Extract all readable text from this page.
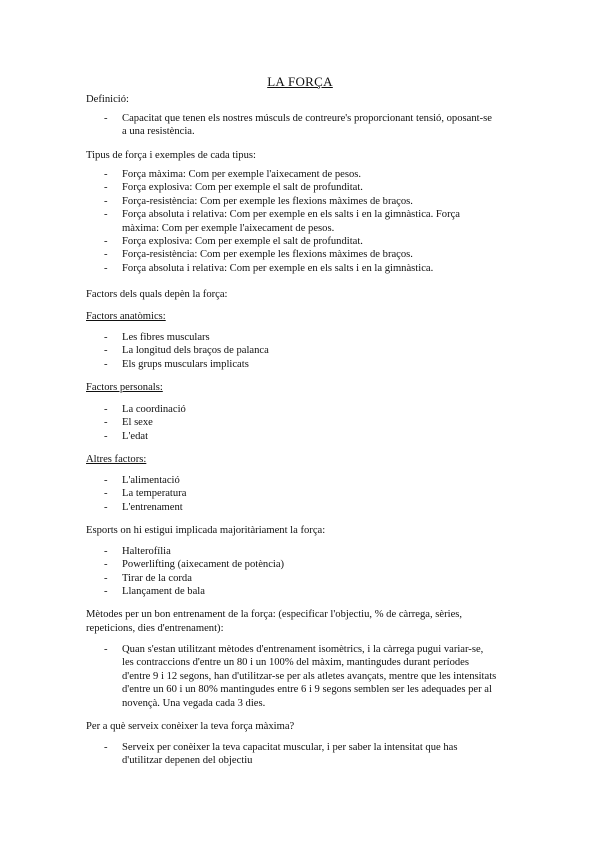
LA FORÇA
Definició:
- Capacitat que tenen els nostres músculs de contreure's proporcionant tensió, oposant-se
a una resistència.
Tipus de força i exemples de cada tipus:
- Força màxima: Com per exemple l'aixecament de pesos.
- Força explosiva: Com per exemple el salt de profunditat.
- Força-resistència: Com per exemple les flexions màximes de braços.
- Força absoluta i relativa: Com per exemple en els salts i en la gimnàstica. Força
màxima: Com per exemple l'aixecament de pesos.
- Força explosiva: Com per exemple el salt de profunditat.
- Força-resistència: Com per exemple les flexions màximes de braços.
- Força absoluta i relativa: Com per exemple en els salts i en la gimnàstica.
Factors dels quals depèn la força:
Factors anatòmics:
- Les fibres musculars
- La longitud dels braços de palanca
- Els grups musculars implicats
Factors personals:
- La coordinació
- El sexe
- L'edat
Altres factors:
- L'alimentació
- La temperatura
- L'entrenament
Esports on hi estigui implicada majoritàriament la força:
- Halterofília
- Powerlifting (aixecament de potència)
- Tirar de la corda
- Llançament de bala
Mètodes per un bon entrenament de la força: (especificar l'objectiu, % de càrrega, sèries,
repeticions, dies d'entrenament):
- Quan s'estan utilitzant mètodes d'entrenament isomètrics, i la càrrega pugui variar-se,
les contraccions d'entre un 80 i un 100% del màxim, mantingudes durant períodes
d'entre 9 i 12 segons, han d'utilitzar-se per als atletes avançats, mentre que les intensitats
d'entre un 60 i un 80% mantingudes entre 6 i 9 segons semblen ser les adequades per al
novençà. Una vegada cada 3 dies.
Per a què serveix conèixer la teva força màxima?
- Serveix per conèixer la teva capacitat muscular, i per saber la intensitat que has
d'utilitzar depenen del objectiu
